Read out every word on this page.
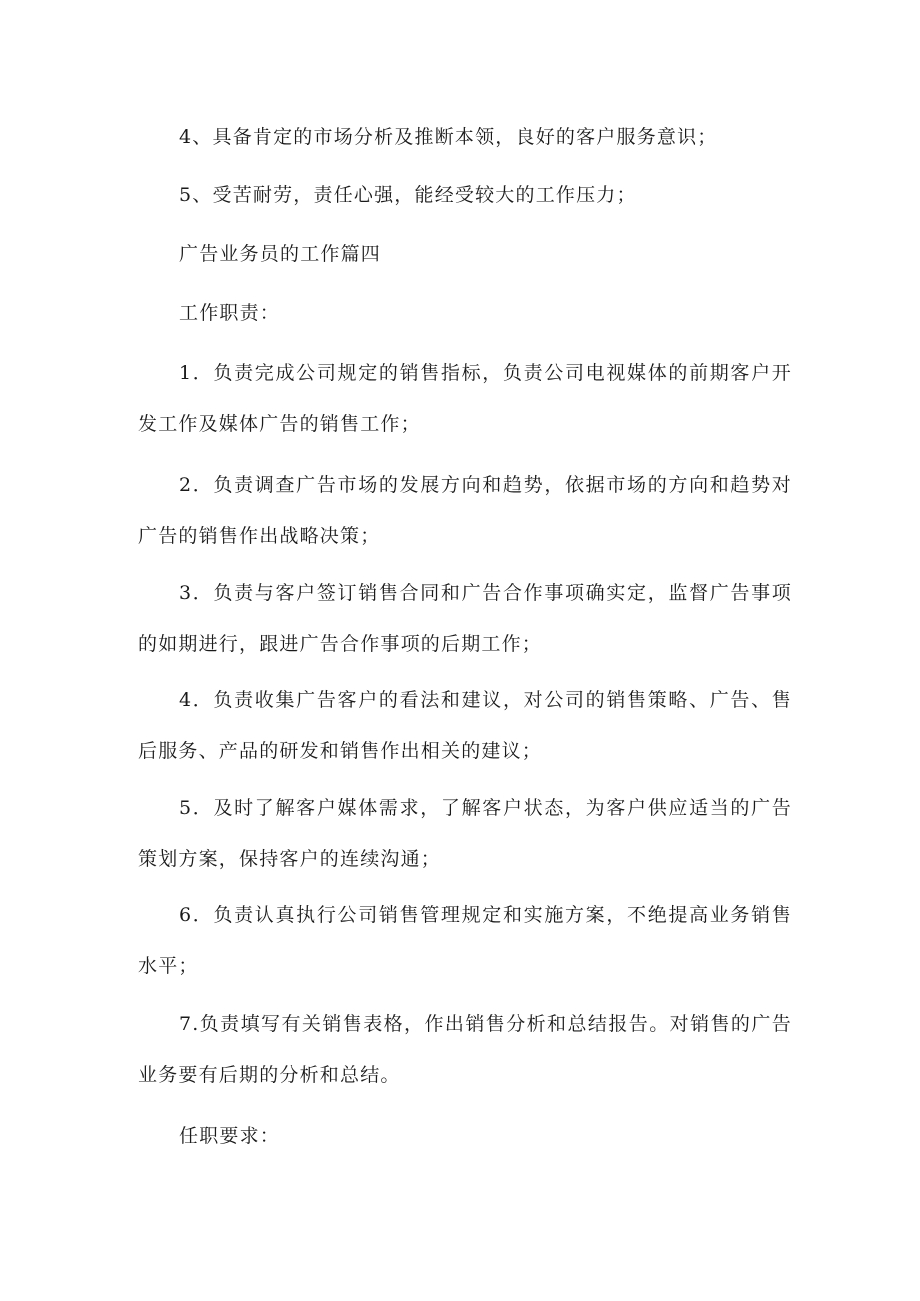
4、具备肯定的市场分析及推断本领，良好的客户服务意识；

5、受苦耐劳，责任心强，能经受较大的工作压力；

广告业务员的工作篇四

工作职责：

1．负责完成公司规定的销售指标，负责公司电视媒体的前期客户开发工作及媒体广告的销售工作；

2．负责调查广告市场的发展方向和趋势，依据市场的方向和趋势对广告的销售作出战略决策；

3．负责与客户签订销售合同和广告合作事项确实定，监督广告事项的如期进行，跟进广告合作事项的后期工作；

4．负责收集广告客户的看法和建议，对公司的销售策略、广告、售后服务、产品的研发和销售作出相关的建议；

5．及时了解客户媒体需求，了解客户状态，为客户供应适当的广告策划方案，保持客户的连续沟通；

6．负责认真执行公司销售管理规定和实施方案，不绝提高业务销售水平；

7.负责填写有关销售表格，作出销售分析和总结报告。对销售的广告业务要有后期的分析和总结。

任职要求：
